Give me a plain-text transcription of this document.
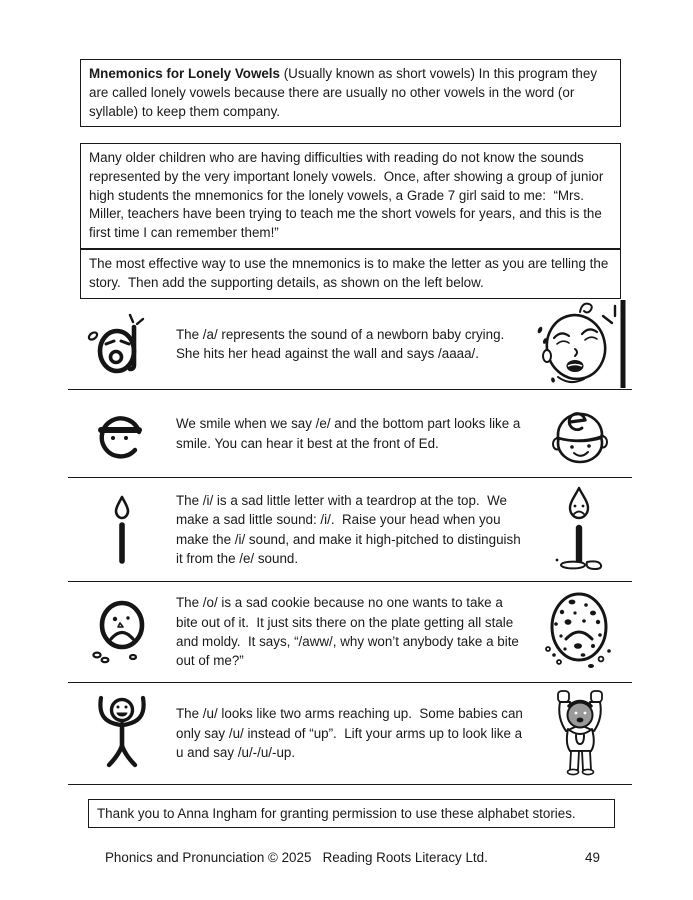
Mnemonics for Lonely Vowels (Usually known as short vowels) In this program they are called lonely vowels because there are usually no other vowels in the word (or syllable) to keep them company.
Many older children who are having difficulties with reading do not know the sounds represented by the very important lonely vowels.  Once, after showing a group of junior high students the mnemonics for the lonely vowels, a Grade 7 girl said to me:  “Mrs. Miller, teachers have been trying to teach me the short vowels for years, and this is the first time I can remember them!”
The most effective way to use the mnemonics is to make the letter as you are telling the story.  Then add the supporting details, as shown on the left below.
The /a/ represents the sound of a newborn baby crying. She hits her head against the wall and says /aaaa/.
We smile when we say /e/ and the bottom part looks like a smile. You can hear it best at the front of Ed.
The /i/ is a sad little letter with a teardrop at the top.  We make a sad little sound: /i/.  Raise your head when you make the /i/ sound, and make it high-pitched to distinguish it from the /e/ sound.
The /o/ is a sad cookie because no one wants to take a bite out of it.  It just sits there on the plate getting all stale and moldy.  It says, “/aww/, why won’t anybody take a bite out of me?”
The /u/ looks like two arms reaching up.  Some babies can only say /u/ instead of “up”.  Lift your arms up to look like a u and say /u/-/u/-up.
Thank you to Anna Ingham for granting permission to use these alphabet stories.
Phonics and Pronunciation © 2025   Reading Roots Literacy Ltd.	49
